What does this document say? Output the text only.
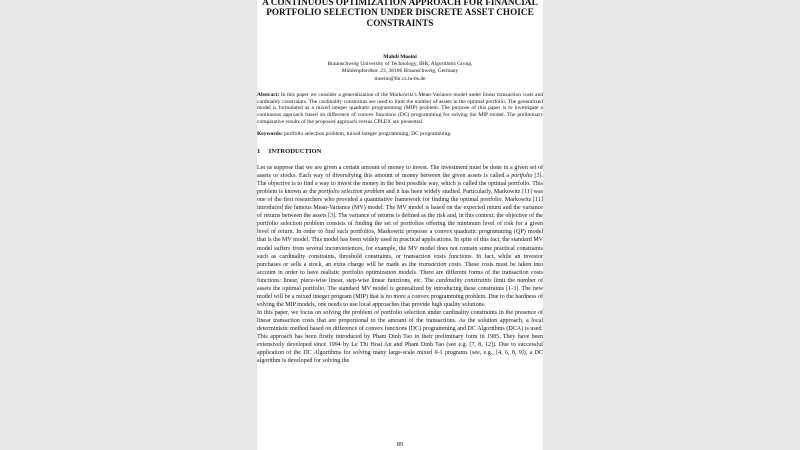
A CONTINUOUS OPTIMIZATION APPROACH FOR FINANCIAL
PORTFOLIO SELECTION UNDER DISCRETE ASSET CHOICE
CONSTRAINTS
Mahdi Moeini
Braunschweig University of Technology, IBR, Algorithms Group,
Mühlenpfordtstr. 23, 38106 Braunschweig, Germany
moeini@ibr.cs.tu-bs.de
Abstract: In this paper we consider a generalization of the Markowitz's Mean-Variance model under linear transaction costs and cardinality constraints. The cardinality constraints are used to limit the number of assets in the optimal portfolio. The generalized model is formulated as a mixed integer quadratic programming (MIP) problem. The purpose of this paper is to investigate a continuous approach based on difference of convex functions (DC) programming for solving the MIP model. The preliminary comparative results of the proposed approach versus CPLEX are presented.
Keywords: portfolio selection problem, mixed integer programming, DC programming.
1 INTRODUCTION

Let us suppose that we are given a certain amount of money to invest. The investment must be done in a given set of assets or stocks. Each way of diversifying this amount of money between the given assets is called a portfolio [3]. The objective is to find a way to invest the money in the best possible way, which is called the optimal portfolio. This problem is known as the portfolio selection problem and it has been widely studied. Particularly, Markowitz [11] was one of the first researchers who provided a quantitative framework for finding the optimal portfolio. Markowitz [11] introduced the famous Mean-Variance (MV) model. The MV model is based on the expected return and the variance of returns between the assets [3]. The variance of returns is defined as the risk and, in this context; the objective of the portfolio selection problem consists of finding the set of portfolios offering the minimum level of risk for a given level of return. In order to find such portfolios, Markowitz proposes a convex quadratic programming (QP) model that is the MV model. This model has been widely used in practical applications. In spite of this fact, the standard MV model suffers from several inconveniences, for example, the MV model does not contain some practical constraints such as cardinality constraints, threshold constraints, or transaction costs functions. In fact, while an investor purchases or sells a stock, an extra charge will be made as the transaction costs. These costs must be taken into account in order to have realistic portfolio optimization models. There are different forms of the transaction costs functions: linear, piece-wise linear, step-wise linear functions, etc. The cardinality constraints limit the number of assets the optimal portfolio. The standard MV model is generalized by introducing these constraints [1-3]. The new model will be a mixed integer program (MIP) that is no more a convex programming problem. Due to the hardness of solving the MIP models, one needs to use local approaches that provide high quality solutions.

In this paper, we focus on solving the problem of portfolio selection under cardinality constraints in the presence of linear transaction costs that are proportional to the amount of the transactions. As the solution approach, a local deterministic method based on difference of convex functions (DC) programming and DC Algorithms (DCA) is used. This approach has been firstly introduced by Pham Dinh Tao in their preliminary form in 1985. They have been extensively developed since 1994 by Le Thi Hoai An and Pham Dinh Tao (see e.g. [7, 8, 12]). Due to successful application of the DC Algorithms for solving many large-scale mixed 0-1 programs (see, e.g., [4, 6, 8, 9]), a DC algorithm is developed for solving the

89
